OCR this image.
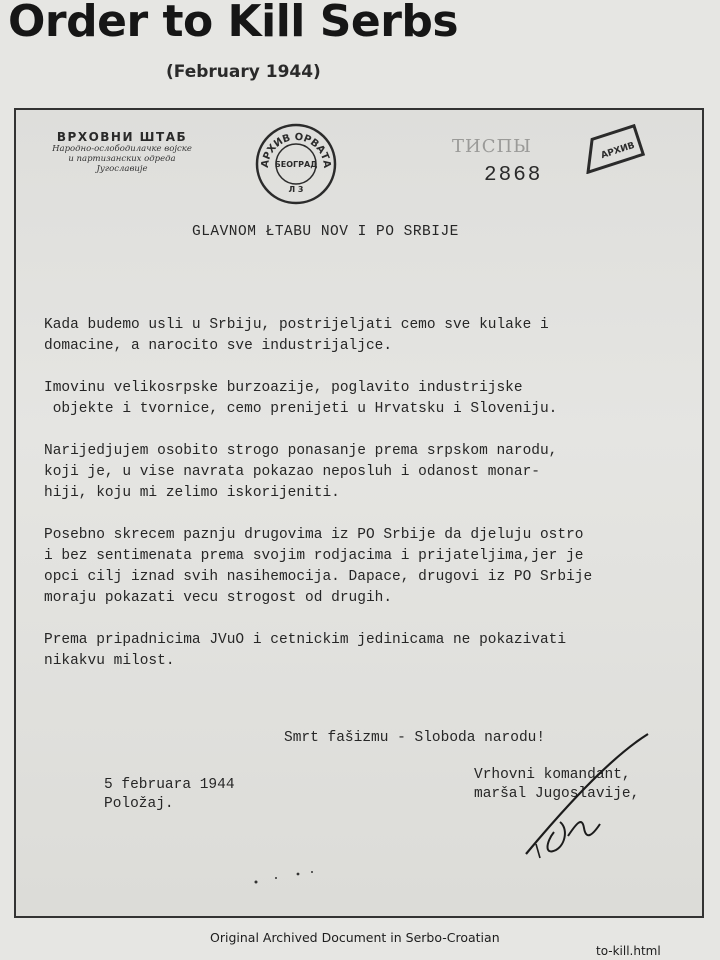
Order to Kill Serbs
(February 1944)
ВРХОВНИ ШТАБ
Народно-ослободилачке војске
и партизанских одреда
Југославије
АРХИВ ОРВАТА
БЕОГРАД
Л 3
ТИСПЫ
2868
АРХИВ
GLAVNOM ŁTABU NOV I PO SRBIJE

Kada budemo usli u Srbiju, postrijeljati cemo sve kulake i
domacine, a narocito sve industrijaljce.

Imovinu velikosrpske burzoazije, poglavito industrijske
objekte i tvornice, cemo prenijeti u Hrvatsku i Sloveniju.

Narijedjujem osobito strogo ponasanje prema srpskom narodu,
koji je, u vise navrata pokazao neposluh i odanost monar-
hiji, koju mi zelimo iskorijeniti.

Posebno skrecem paznju drugovima iz PO Srbije da djeluju ostro
i bez sentimenata prema svojim rodjacima i prijateljima,jer je
opci cilj iznad svih nasihemocija. Dapace, drugovi iz PO Srbije
moraju pokazati vecu strogost od drugih.

Prema pripadnicima JVuO i cetnickim jedinicama ne pokazivati
nikakvu milost.

Smrt fašizmu - Sloboda narodu!
5 februara 1944
Položaj.
Vrhovni komandant,
maršal Jugoslavije,
Original Archived Document in Serbo-Croatian
to-kill.html
